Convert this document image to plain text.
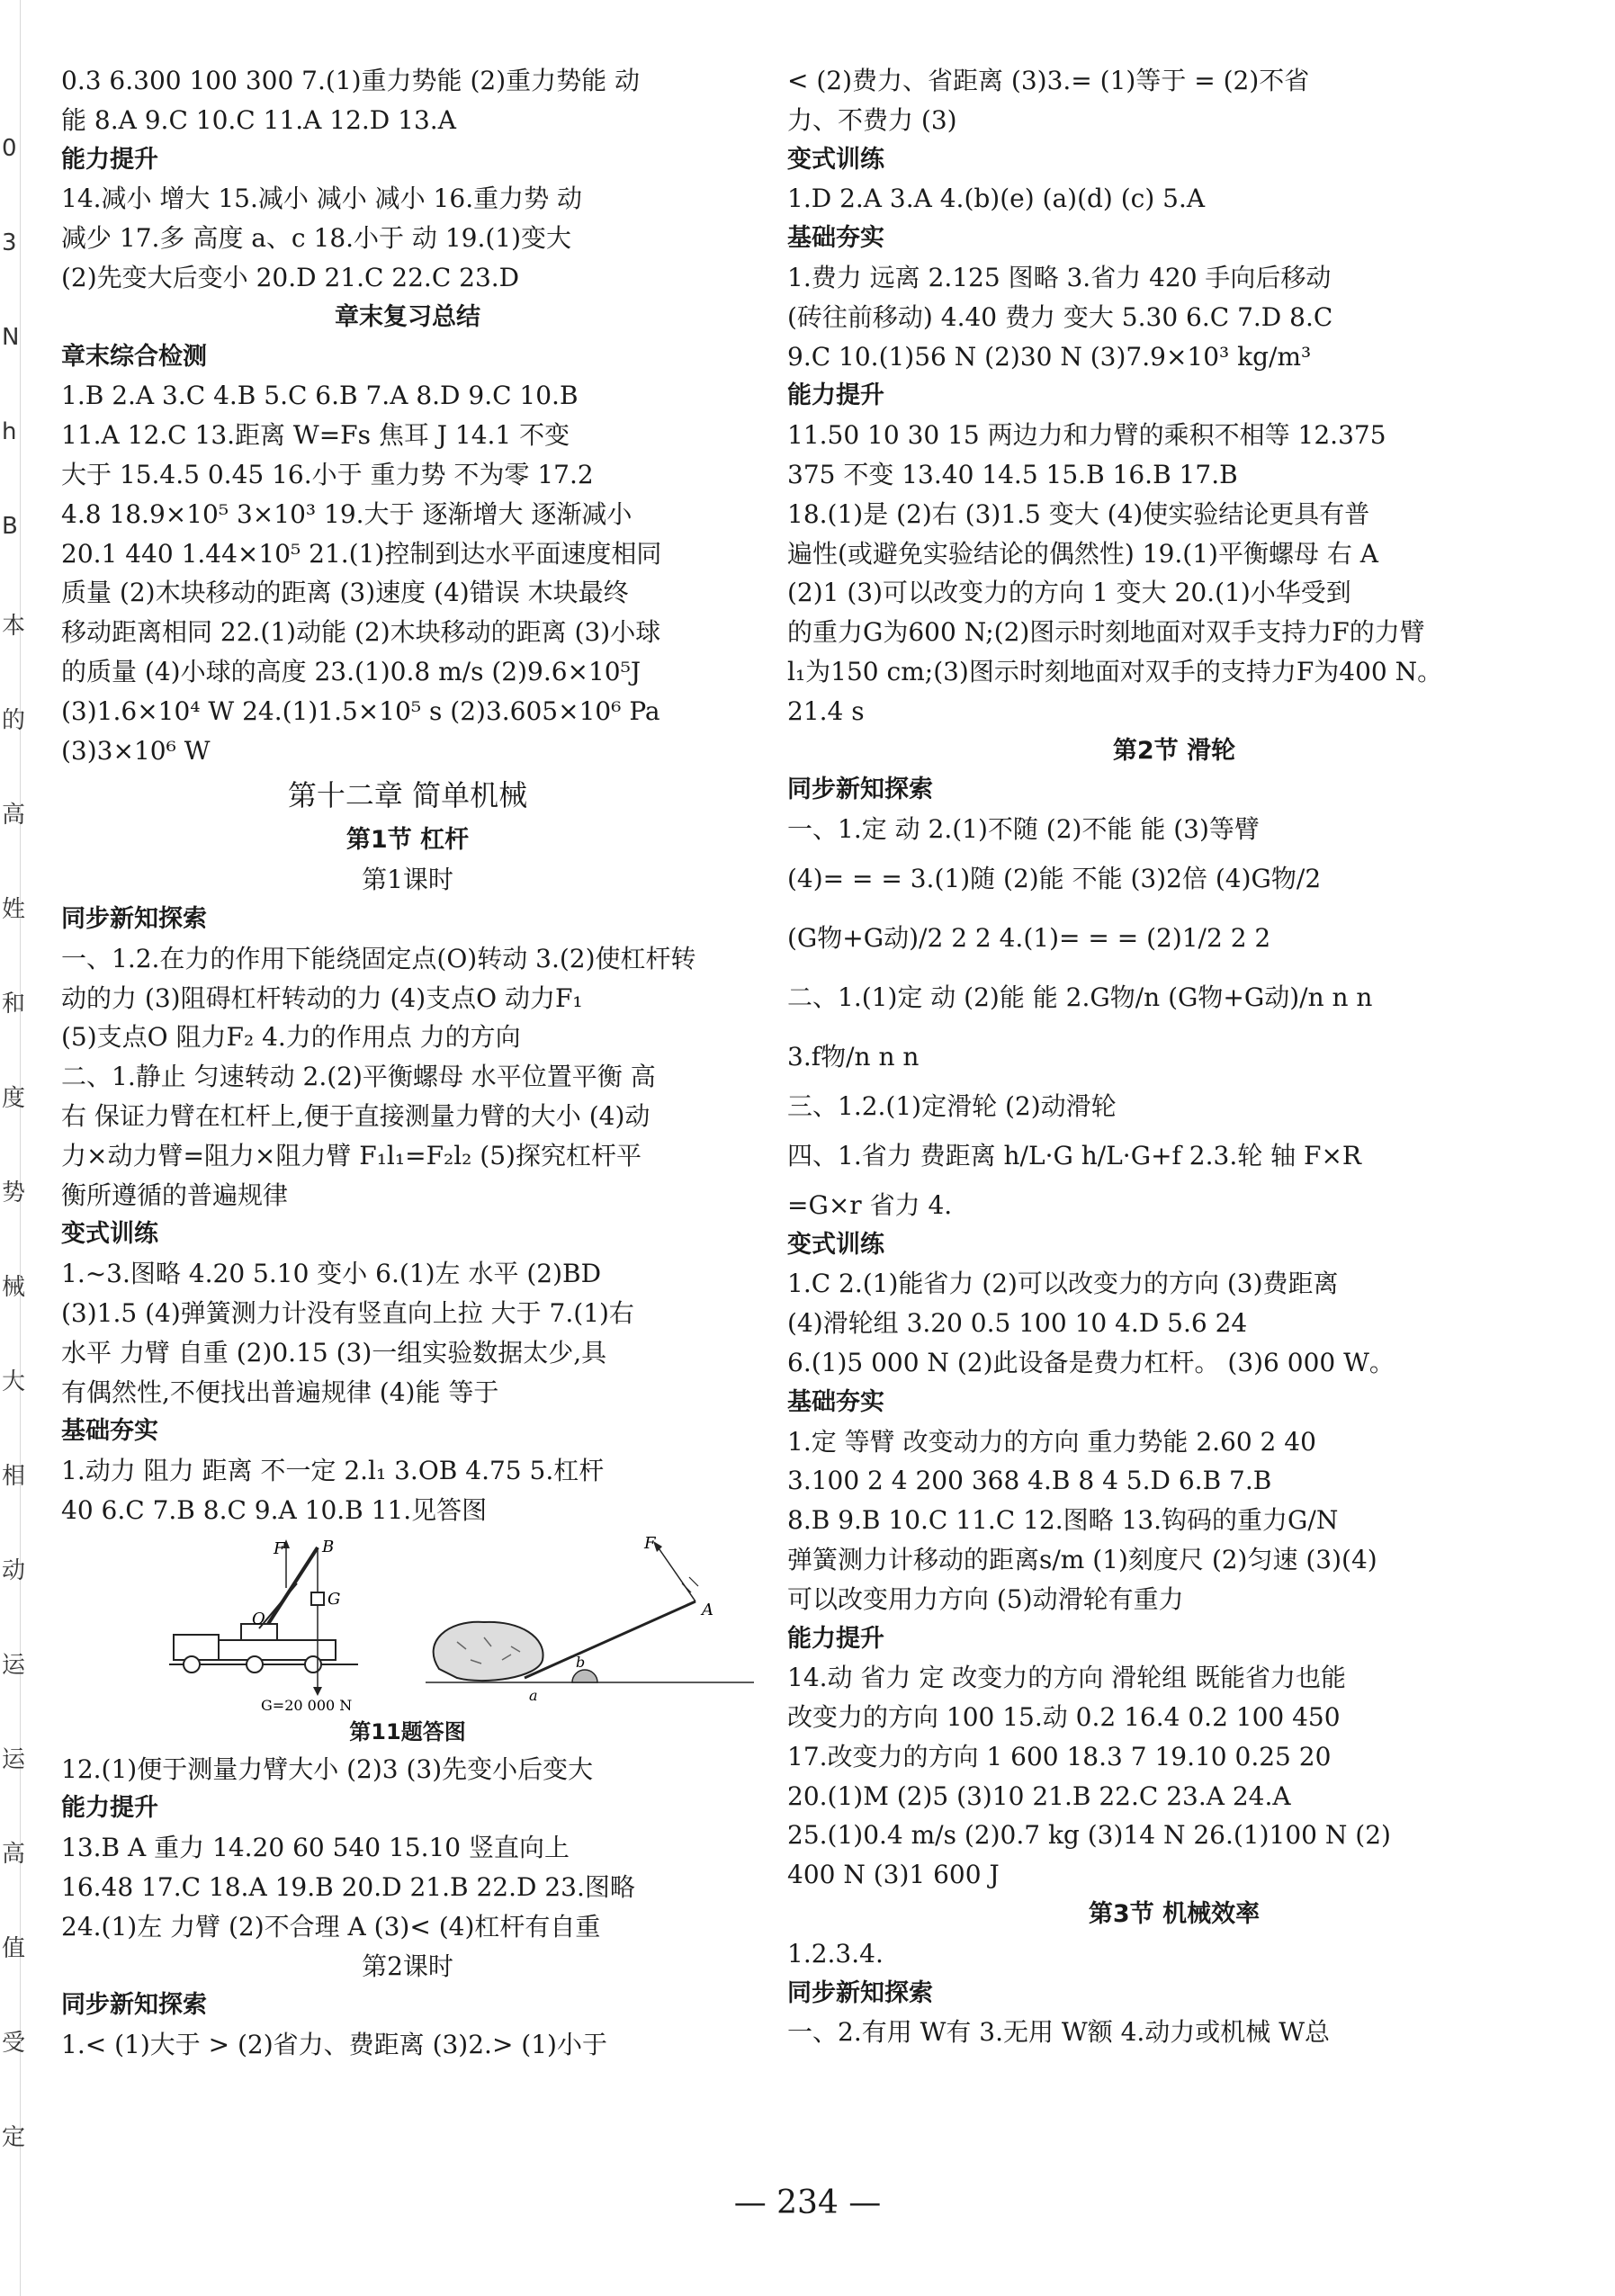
0
3
N
h
B
本
的
高
姓
和
度
势
械
大
相
动
运
运
高
值
受
定
0.3 6.300 100 300 7.(1)重力势能 (2)重力势能 动
能 8.A 9.C 10.C 11.A 12.D 13.A
能力提升
14.减小 增大 15.减小 减小 减小 16.重力势 动
减少 17.多 高度 a、c 18.小于 动 19.(1)变大
(2)先变大后变小 20.D 21.C 22.C 23.D
章末复习总结
章末综合检测
1.B 2.A 3.C 4.B 5.C 6.B 7.A 8.D 9.C 10.B
11.A 12.C 13.距离 W=Fs 焦耳 J 14.1 不变
大于 15.4.5 0.45 16.小于 重力势 不为零 17.2
4.8 18.9×10⁵ 3×10³ 19.大于 逐渐增大 逐渐减小
20.1 440 1.44×10⁵ 21.(1)控制到达水平面速度相同
质量 (2)木块移动的距离 (3)速度 (4)错误 木块最终
移动距离相同 22.(1)动能 (2)木块移动的距离 (3)小球
的质量 (4)小球的高度 23.(1)0.8 m/s (2)9.6×10⁵J
(3)1.6×10⁴ W 24.(1)1.5×10⁵ s (2)3.605×10⁶ Pa
(3)3×10⁶ W
第十二章 简单机械
第1节 杠杆
第1课时
同步新知探索
一、1.2.在力的作用下能绕固定点(O)转动 3.(2)使杠杆转
动的力 (3)阻碍杠杆转动的力 (4)支点O 动力F₁
(5)支点O 阻力F₂ 4.力的作用点 力的方向
二、1.静止 匀速转动 2.(2)平衡螺母 水平位置平衡 高
右 保证力臂在杠杆上,便于直接测量力臂的大小 (4)动
力×动力臂=阻力×阻力臂 F₁l₁=F₂l₂ (5)探究杠杆平
衡所遵循的普遍规律
变式训练
1.~3.图略 4.20 5.10 变小 6.(1)左 水平 (2)BD
(3)1.5 (4)弹簧测力计没有竖直向上拉 大于 7.(1)右
水平 力臂 自重 (2)0.15 (3)一组实验数据太少,具
有偶然性,不便找出普遍规律 (4)能 等于
基础夯实
1.动力 阻力 距离 不一定 2.l₁ 3.OB 4.75 5.杠杆
40 6.C 7.B 8.C 9.A 10.B 11.见答图
F B
O
G
G=20 000 N
F
A
b
a
第11题答图
12.(1)便于测量力臂大小 (2)3 (3)先变小后变大
能力提升
13.B A 重力 14.20 60 540 15.10 竖直向上
16.48 17.C 18.A 19.B 20.D 21.B 22.D 23.图略
24.(1)左 力臂 (2)不合理 A (3)< (4)杠杆有自重
第2课时
同步新知探索
1.< (1)大于 > (2)省力、费距离 (3)2.> (1)小于
< (2)费力、省距离 (3)3.= (1)等于 = (2)不省
力、不费力 (3)
变式训练
1.D 2.A 3.A 4.(b)(e) (a)(d) (c) 5.A
基础夯实
1.费力 远离 2.125 图略 3.省力 420 手向后移动
(砖往前移动) 4.40 费力 变大 5.30 6.C 7.D 8.C
9.C 10.(1)56 N (2)30 N (3)7.9×10³ kg/m³
能力提升
11.50 10 30 15 两边力和力臂的乘积不相等 12.375
375 不变 13.40 14.5 15.B 16.B 17.B
18.(1)是 (2)右 (3)1.5 变大 (4)使实验结论更具有普
遍性(或避免实验结论的偶然性) 19.(1)平衡螺母 右 A
(2)1 (3)可以改变力的方向 1 变大 20.(1)小华受到
的重力G为600 N;(2)图示时刻地面对双手支持力F的力臂
l₁为150 cm;(3)图示时刻地面对双手的支持力F为400 N。
21.4 s
第2节 滑轮
同步新知探索
一、1.定 动 2.(1)不随 (2)不能 能 (3)等臂
(4)= = = 3.(1)随 (2)能 不能 (3)2倍 (4)G物/2
(G物+G动)/2 2 2 4.(1)= = = (2)1/2 2 2
二、1.(1)定 动 (2)能 能 2.G物/n (G物+G动)/n n n
3.f物/n n n
三、1.2.(1)定滑轮 (2)动滑轮
四、1.省力 费距离 h/L·G h/L·G+f 2.3.轮 轴 F×R
=G×r 省力 4.
变式训练
1.C 2.(1)能省力 (2)可以改变力的方向 (3)费距离
(4)滑轮组 3.20 0.5 100 10 4.D 5.6 24
6.(1)5 000 N (2)此设备是费力杠杆。 (3)6 000 W。
基础夯实
1.定 等臂 改变动力的方向 重力势能 2.60 2 40
3.100 2 4 200 368 4.B 8 4 5.D 6.B 7.B
8.B 9.B 10.C 11.C 12.图略 13.钩码的重力G/N
弹簧测力计移动的距离s/m (1)刻度尺 (2)匀速 (3)(4)
可以改变用力方向 (5)动滑轮有重力
能力提升
14.动 省力 定 改变力的方向 滑轮组 既能省力也能
改变力的方向 100 15.动 0.2 16.4 0.2 100 450
17.改变力的方向 1 600 18.3 7 19.10 0.25 20
20.(1)M (2)5 (3)10 21.B 22.C 23.A 24.A
25.(1)0.4 m/s (2)0.7 kg (3)14 N 26.(1)100 N (2)
400 N (3)1 600 J
第3节 机械效率
1.2.3.4.
同步新知探索
一、2.有用 W有 3.无用 W额 4.动力或机械 W总
— 234 —
